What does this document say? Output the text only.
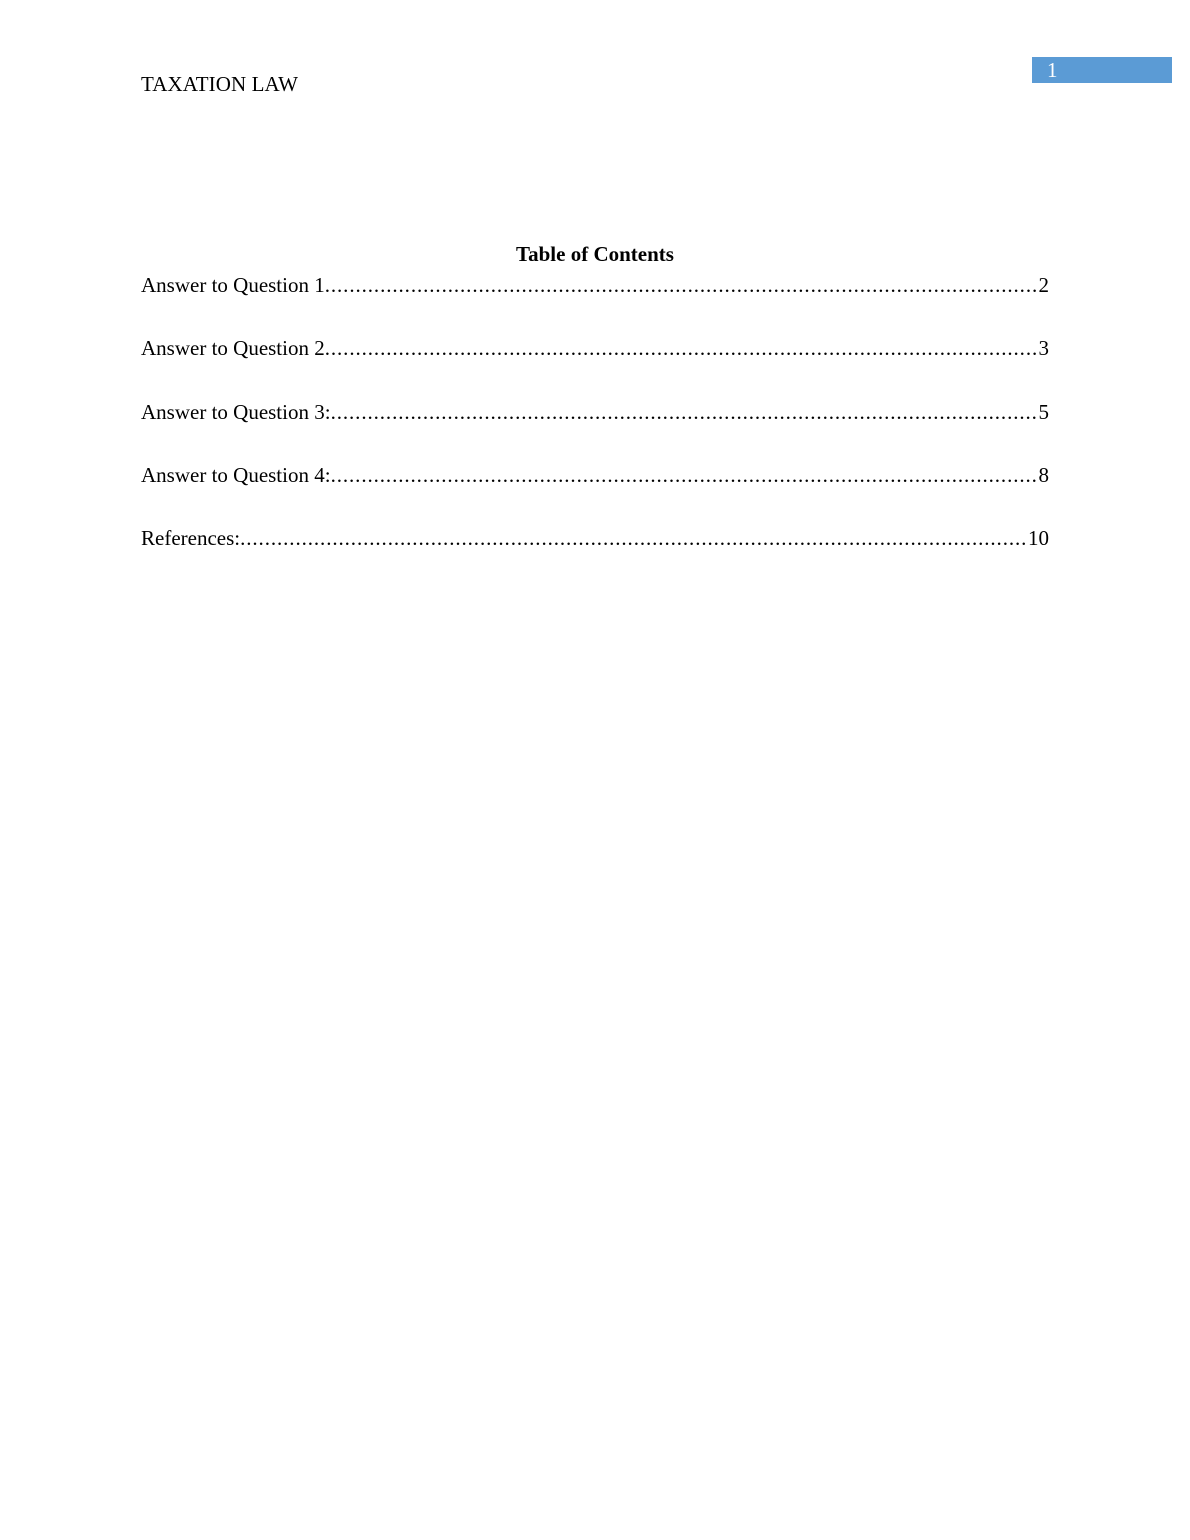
1
TAXATION LAW
Table of Contents
Answer to Question 1 .....	2
Answer to Question 2 .....	3
Answer to Question 3: .....	5
Answer to Question 4: .....	8
References: .....	10
